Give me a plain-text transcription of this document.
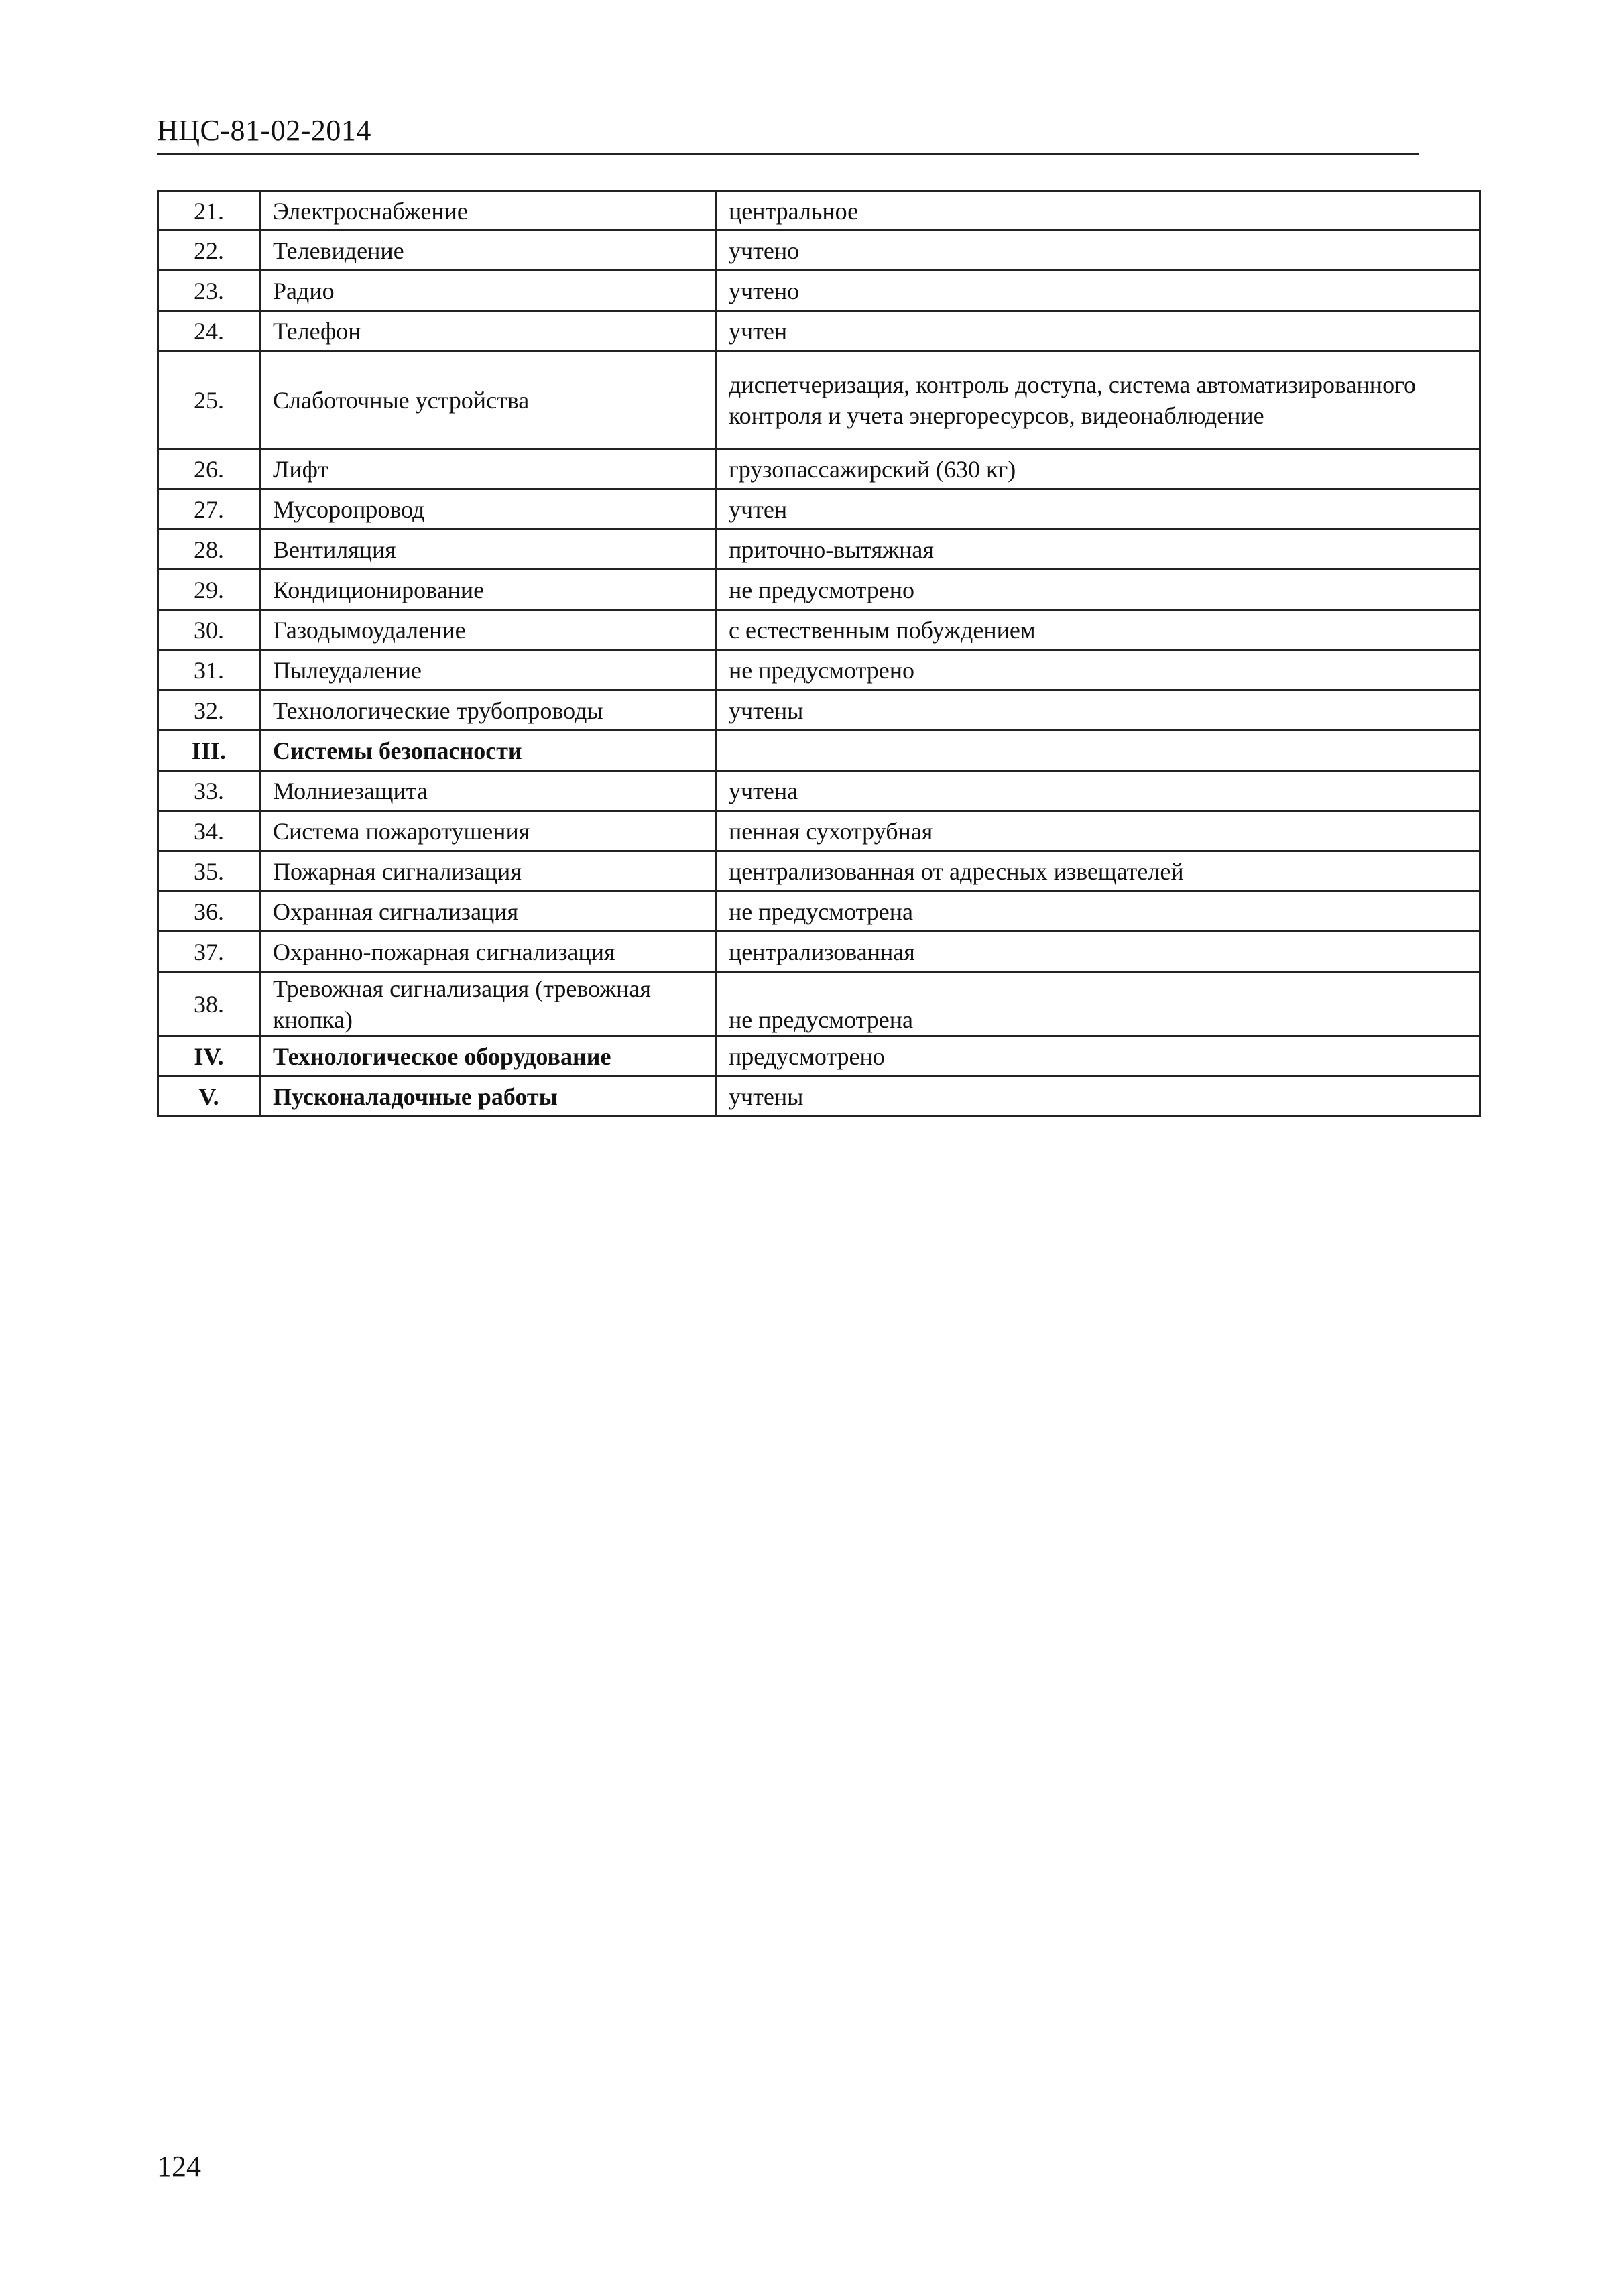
НЦС-81-02-2014
21.	Электроснабжение	центральное
22.	Телевидение	учтено
23.	Радио	учтено
24.	Телефон	учтен
25.	Слаботочные устройства	диспетчеризация, контроль доступа, система автоматизированного контроля и учета энергоресурсов, видеонаблюдение
26.	Лифт	грузопассажирский (630 кг)
27.	Мусоропровод	учтен
28.	Вентиляция	приточно-вытяжная
29.	Кондиционирование	не предусмотрено
30.	Газодымоудаление	с естественным побуждением
31.	Пылеудаление	не предусмотрено
32.	Технологические трубопроводы	учтены
III.	Системы безопасности	
33.	Молниезащита	учтена
34.	Система пожаротушения	пенная сухотрубная
35.	Пожарная сигнализация	централизованная от адресных извещателей
36.	Охранная сигнализация	не предусмотрена
37.	Охранно-пожарная сигнализация	централизованная
38.	Тревожная сигнализация (тревожная кнопка)	не предусмотрена
IV.	Технологическое оборудование	предусмотрено
V.	Пусконаладочные работы	учтены
124
